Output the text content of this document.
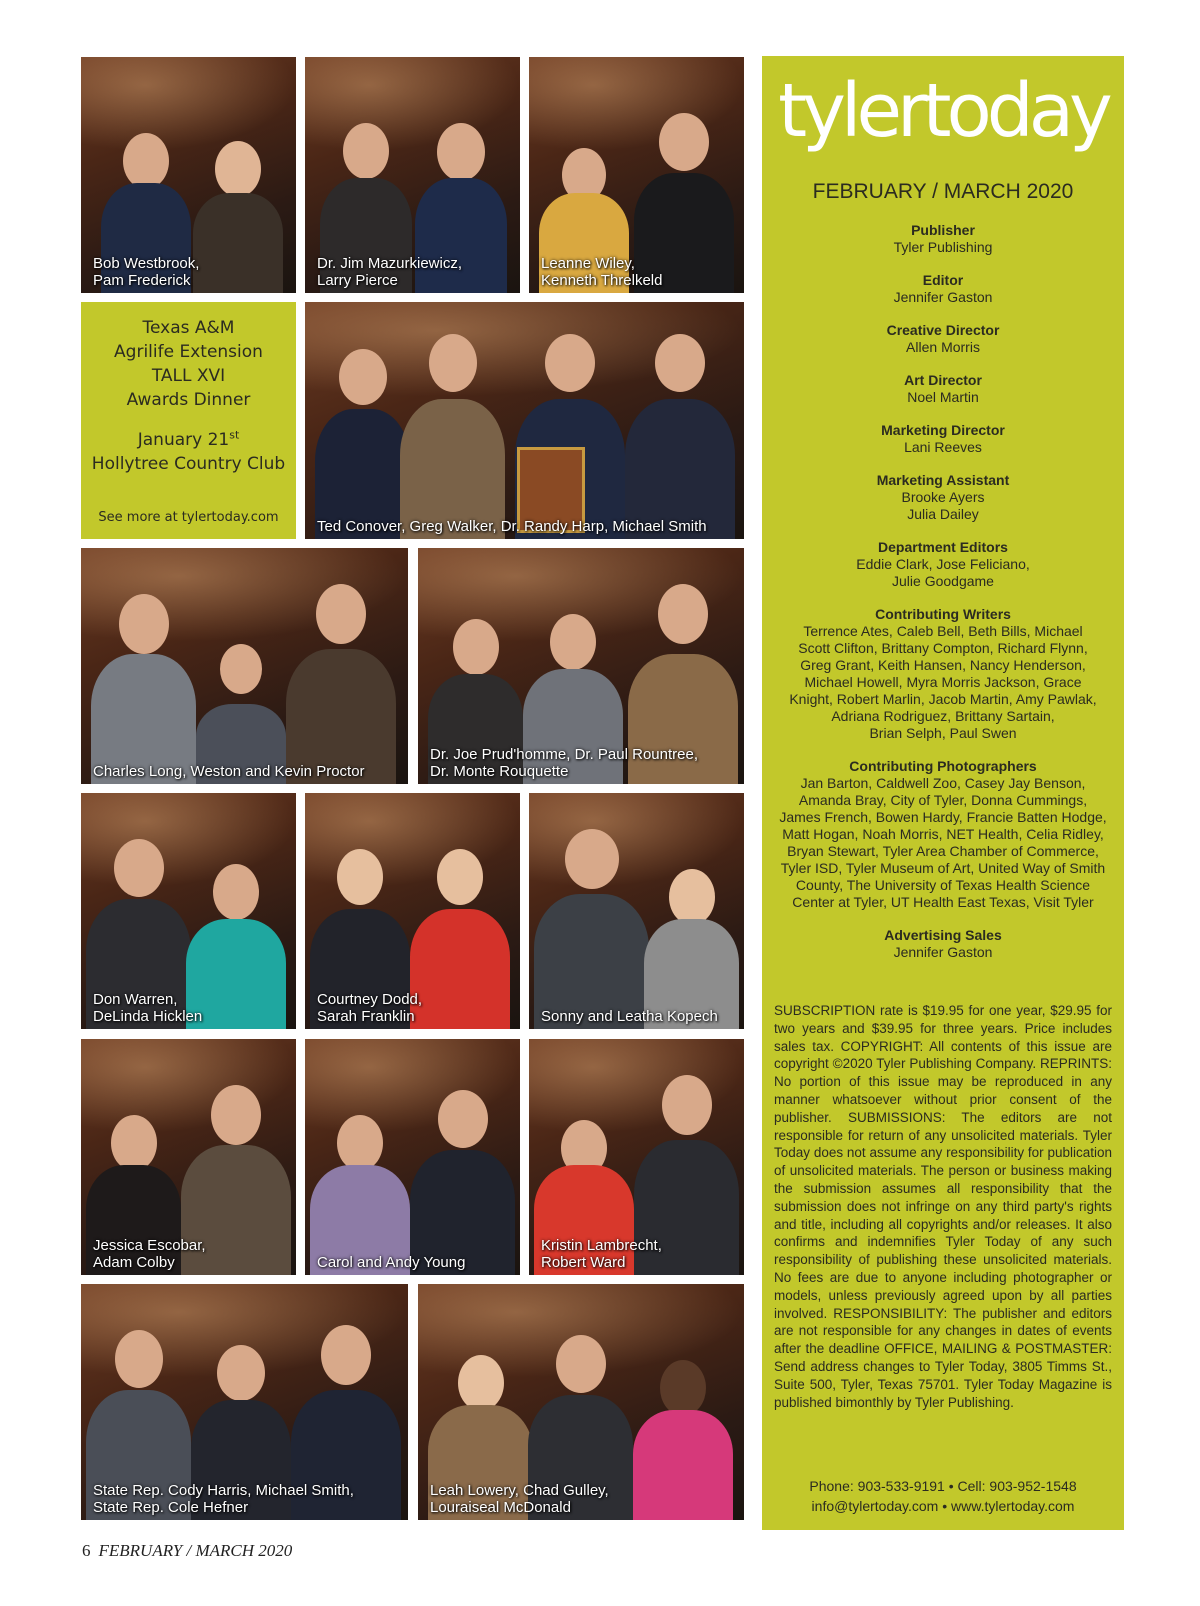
Bob Westbrook,
Pam Frederick
Dr. Jim Mazurkiewicz,
Larry Pierce
Leanne Wiley,
Kenneth Threlkeld
Texas A&M
Agrilife Extension
TALL XVI
Awards Dinner
January 21st
Hollytree Country Club
See more at tylertoday.com
Ted Conover, Greg Walker, Dr. Randy Harp, Michael Smith
Charles Long, Weston and Kevin Proctor
Dr. Joe Prud'homme, Dr. Paul Rountree,
Dr. Monte Rouquette
Don Warren,
DeLinda Hicklen
Courtney Dodd,
Sarah Franklin	Sonny and Leatha Kopech
Jessica Escobar,
Adam Colby	Carol and Andy Young
Kristin Lambrecht,
Robert Ward
State Rep. Cody Harris, Michael Smith,
State Rep. Cole Hefner
Leah Lowery, Chad Gulley,
Louraiseal McDonald
tylertoday
FEBRUARY / MARCH 2020
Publisher
Tyler Publishing
Editor
Jennifer Gaston
Creative Director
Allen Morris
Art Director
Noel Martin
Marketing Director
Lani Reeves
Marketing Assistant
Brooke Ayers
Julia Dailey
Department Editors
Eddie Clark, Jose Feliciano,
Julie Goodgame
Contributing Writers
Terrence Ates, Caleb Bell, Beth Bills, Michael
Scott Clifton, Brittany Compton, Richard Flynn,
Greg Grant, Keith Hansen, Nancy Henderson,
Michael Howell, Myra Morris Jackson, Grace
Knight, Robert Marlin, Jacob Martin, Amy Pawlak,
Adriana Rodriguez, Brittany Sartain,
Brian Selph, Paul Swen
Contributing Photographers
Jan Barton, Caldwell Zoo, Casey Jay Benson,
Amanda Bray, City of Tyler, Donna Cummings,
James French, Bowen Hardy, Francie Batten Hodge,
Matt Hogan, Noah Morris, NET Health, Celia Ridley,
Bryan Stewart, Tyler Area Chamber of Commerce,
Tyler ISD, Tyler Museum of Art, United Way of Smith
County, The University of Texas Health Science
Center at Tyler, UT Health East Texas, Visit Tyler
Advertising Sales
Jennifer Gaston
SUBSCRIPTION rate is $19.95 for one year, $29.95 for two years and $39.95 for three years. Price includes sales tax. COPYRIGHT: All contents of this issue are copyright ©2020 Tyler Publishing Company. REPRINTS: No portion of this issue may be reproduced in any manner whatsoever without prior consent of the publisher. SUBMISSIONS: The editors are not responsible for return of any unsolicited materials. Tyler Today does not assume any responsibility for publication of unsolicited materials. The person or business making the submission assumes all responsibility that the submission does not infringe on any third party's rights and title, including all copyrights and/or releases. It also confirms and indemnifies Tyler Today of any such responsibility of publishing these unsolicited materials. No fees are due to anyone including photographer or models, unless previously agreed upon by all parties involved. RESPONSIBILITY: The publisher and editors are not responsible for any changes in dates of events after the deadline OFFICE, MAILING & POSTMASTER: Send address changes to Tyler Today, 3805 Timms St., Suite 500, Tyler, Texas 75701. Tyler Today Magazine is published bimonthly by Tyler Publishing.
Phone: 903-533-9191 • Cell: 903-952-1548
info@tylertoday.com • www.tylertoday.com
6 FEBRUARY / MARCH 2020
